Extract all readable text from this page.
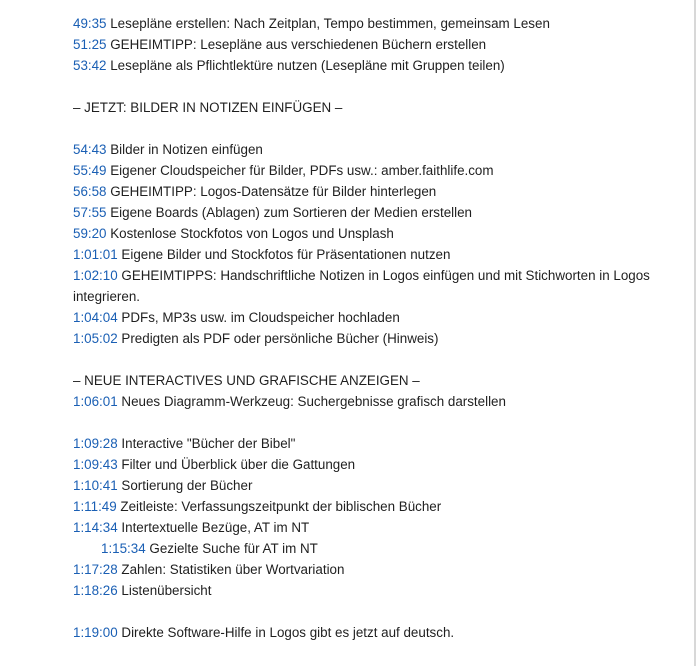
49:35 Lesepläne erstellen: Nach Zeitplan, Tempo bestimmen, gemeinsam Lesen
51:25 GEHEIMTIPP: Lesepläne aus verschiedenen Büchern erstellen
53:42 Lesepläne als Pflichtlektüre nutzen (Lesepläne mit Gruppen teilen)
– JETZT: BILDER IN NOTIZEN EINFÜGEN –
54:43 Bilder in Notizen einfügen
55:49 Eigener Cloudspeicher für Bilder, PDFs usw.: amber.faithlife.com
56:58 GEHEIMTIPP: Logos-Datensätze für Bilder hinterlegen
57:55 Eigene Boards (Ablagen) zum Sortieren der Medien erstellen
59:20 Kostenlose Stockfotos von Logos und Unsplash
1:01:01 Eigene Bilder und Stockfotos für Präsentationen nutzen
1:02:10 GEHEIMTIPPS: Handschriftliche Notizen in Logos einfügen und mit Stichworten in Logos integrieren.
1:04:04 PDFs, MP3s usw. im Cloudspeicher hochladen
1:05:02 Predigten als PDF oder persönliche Bücher (Hinweis)
– NEUE INTERACTIVES UND GRAFISCHE ANZEIGEN –
1:06:01 Neues Diagramm-Werkzeug: Suchergebnisse grafisch darstellen
1:09:28 Interactive "Bücher der Bibel"
1:09:43 Filter und Überblick über die Gattungen
1:10:41 Sortierung der Bücher
1:11:49 Zeitleiste: Verfassungszeitpunkt der biblischen Bücher
1:14:34 Intertextuelle Bezüge, AT im NT
1:15:34 Gezielte Suche für AT im NT
1:17:28 Zahlen: Statistiken über Wortvariation
1:18:26 Listenübersicht
1:19:00 Direkte Software-Hilfe in Logos gibt es jetzt auf deutsch.
